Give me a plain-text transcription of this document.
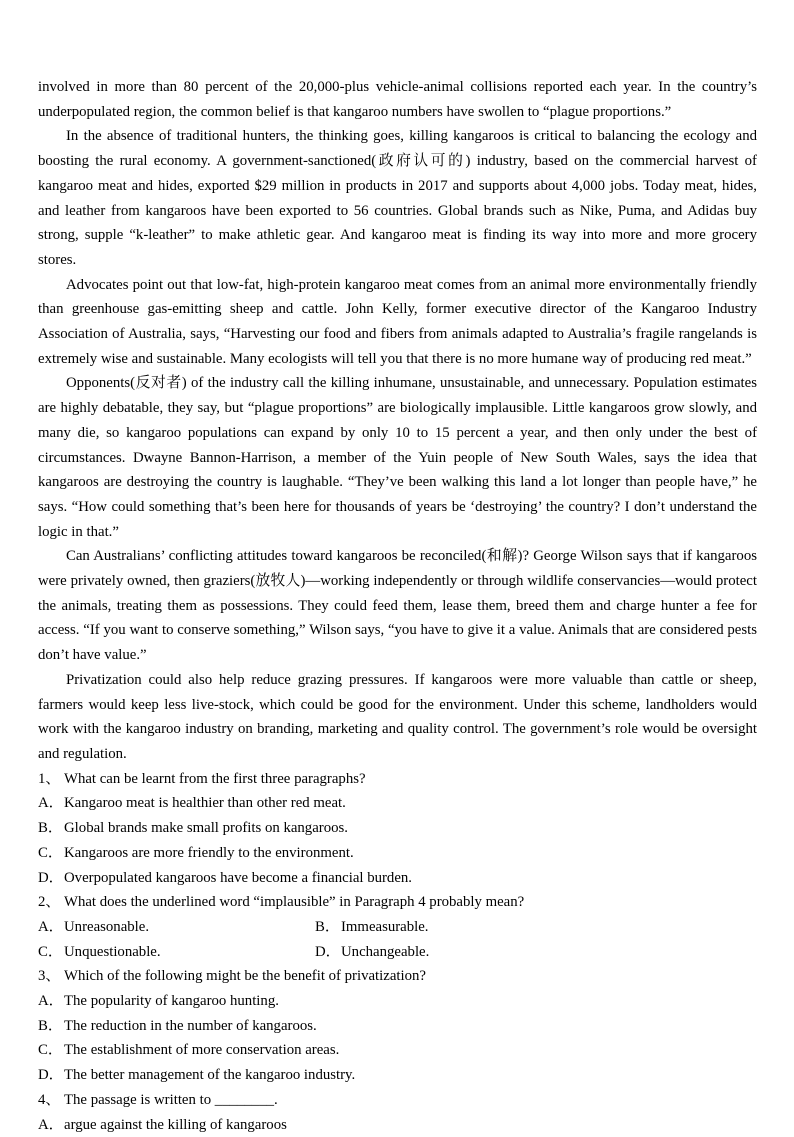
involved in more than 80 percent of the 20,000-plus vehicle-animal collisions reported each year. In the country’s underpopulated region, the common belief is that kangaroo numbers have swollen to “plague proportions.”

In the absence of traditional hunters, the thinking goes, killing kangaroos is critical to balancing the ecology and boosting the rural economy. A government-sanctioned(政府认可的) industry, based on the commercial harvest of kangaroo meat and hides, exported $29 million in products in 2017 and supports about 4,000 jobs. Today meat, hides, and leather from kangaroos have been exported to 56 countries. Global brands such as Nike, Puma, and Adidas buy strong, supple “k-leather” to make athletic gear. And kangaroo meat is finding its way into more and more grocery stores.

Advocates point out that low-fat, high-protein kangaroo meat comes from an animal more environmentally friendly than greenhouse gas-emitting sheep and cattle. John Kelly, former executive director of the Kangaroo Industry Association of Australia, says, “Harvesting our food and fibers from animals adapted to Australia’s fragile rangelands is extremely wise and sustainable. Many ecologists will tell you that there is no more humane way of producing red meat.”

Opponents(反对者) of the industry call the killing inhumane, unsustainable, and unnecessary. Population estimates are highly debatable, they say, but “plague proportions” are biologically implausible. Little kangaroos grow slowly, and many die, so kangaroo populations can expand by only 10 to 15 percent a year, and then only under the best of circumstances. Dwayne Bannon-Harrison, a member of the Yuin people of New South Wales, says the idea that kangaroos are destroying the country is laughable. “They’ve been walking this land a lot longer than people have,” he says. “How could something that’s been here for thousands of years be ‘destroying’ the country? I don’t understand the logic in that.”

Can Australians’ conflicting attitudes toward kangaroos be reconciled(和解)? George Wilson says that if kangaroos were privately owned, then graziers(放牧人)—working independently or through wildlife conservancies—would protect the animals, treating them as possessions. They could feed them, lease them, breed them and charge hunter a fee for access. “If you want to conserve something,” Wilson says, “you have to give it a value. Animals that are considered pests don’t have value.”

Privatization could also help reduce grazing pressures. If kangaroos were more valuable than cattle or sheep, farmers would keep less live-stock, which could be good for the environment. Under this scheme, landholders would work with the kangaroo industry on branding, marketing and quality control. The government’s role would be oversight and regulation.

1、 What can be learnt from the first three paragraphs?

A．Kangaroo meat is healthier than other red meat.

B．Global brands make small profits on kangaroos.

C．Kangaroos are more friendly to the environment.

D．Overpopulated kangaroos have become a financial burden.

2、 What does the underlined word “implausible” in Paragraph 4 probably mean?

A．Unreasonable.	B．Immeasurable.

C．Unquestionable.	D．Unchangeable.

3、 Which of the following might be the benefit of privatization?

A．The popularity of kangaroo hunting.

B．The reduction in the number of kangaroos.

C．The establishment of more conservation areas.

D．The better management of the kangaroo industry.

4、 The passage is written to ________.

A．argue against the killing of kangaroos
